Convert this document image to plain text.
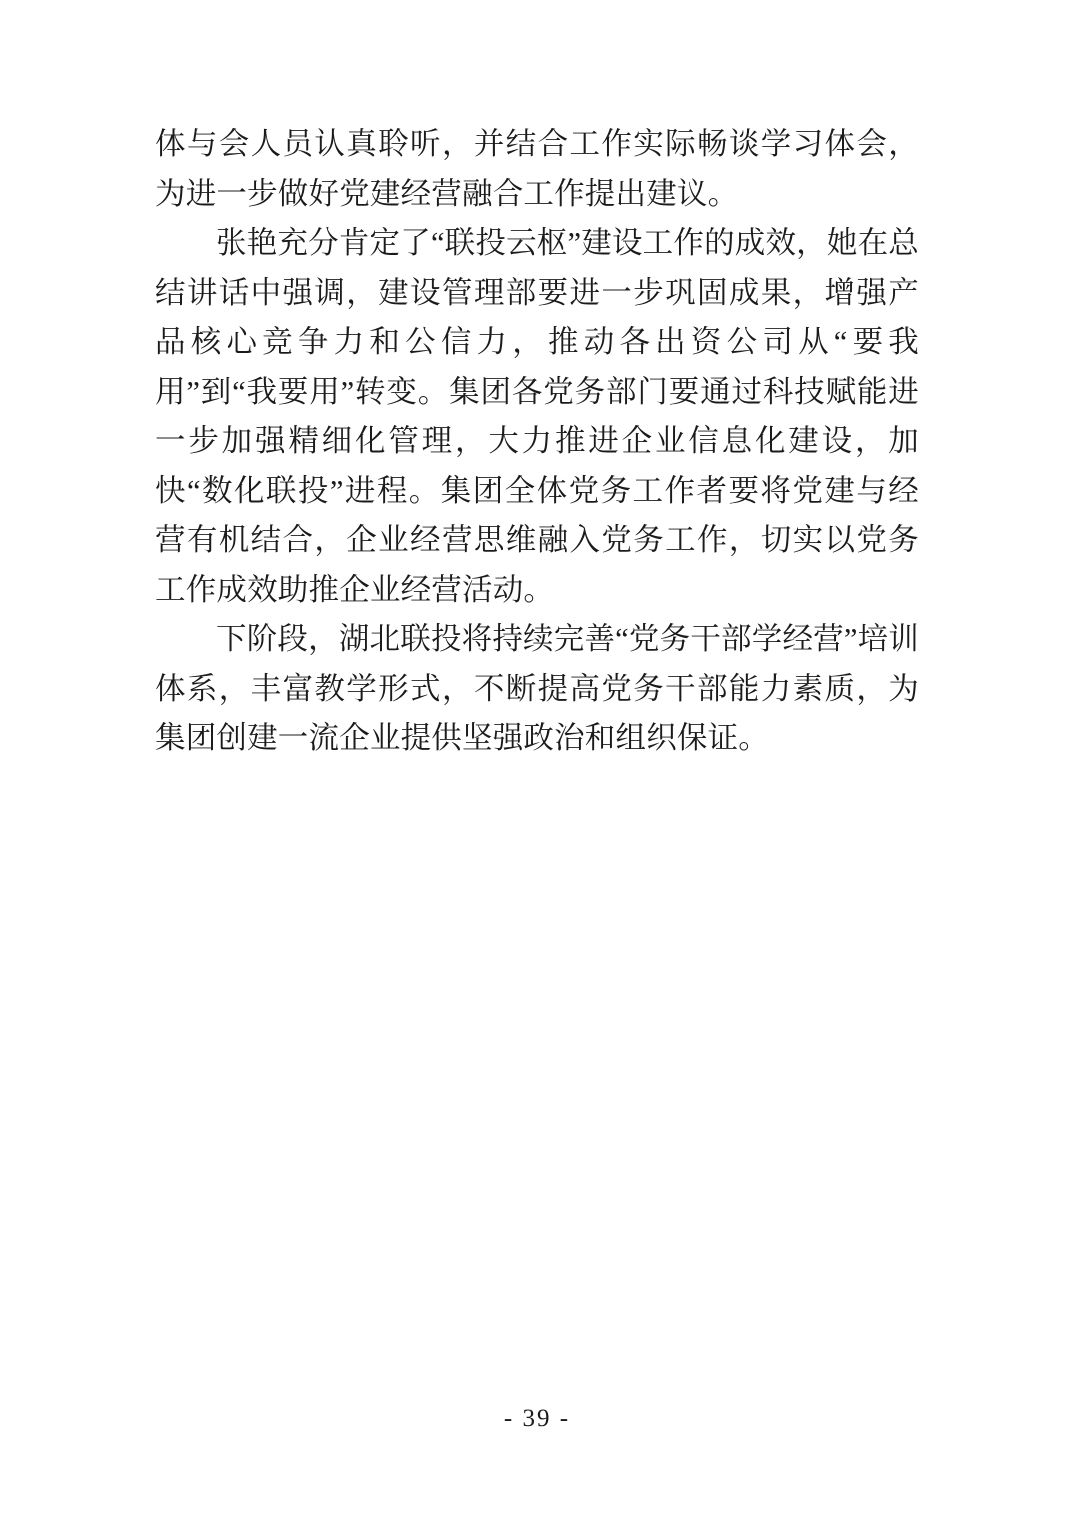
体与会人员认真聆听，并结合工作实际畅谈学习体会，为进一步做好党建经营融合工作提出建议。

张艳充分肯定了“联投云枢”建设工作的成效，她在总结讲话中强调，建设管理部要进一步巩固成果，增强产品核心竞争力和公信力，推动各出资公司从“要我用”到“我要用”转变。集团各党务部门要通过科技赋能进一步加强精细化管理，大力推进企业信息化建设，加快“数化联投”进程。集团全体党务工作者要将党建与经营有机结合，企业经营思维融入党务工作，切实以党务工作成效助推企业经营活动。

下阶段，湖北联投将持续完善“党务干部学经营”培训体系，丰富教学形式，不断提高党务干部能力素质，为集团创建一流企业提供坚强政治和组织保证。

- 39 -
